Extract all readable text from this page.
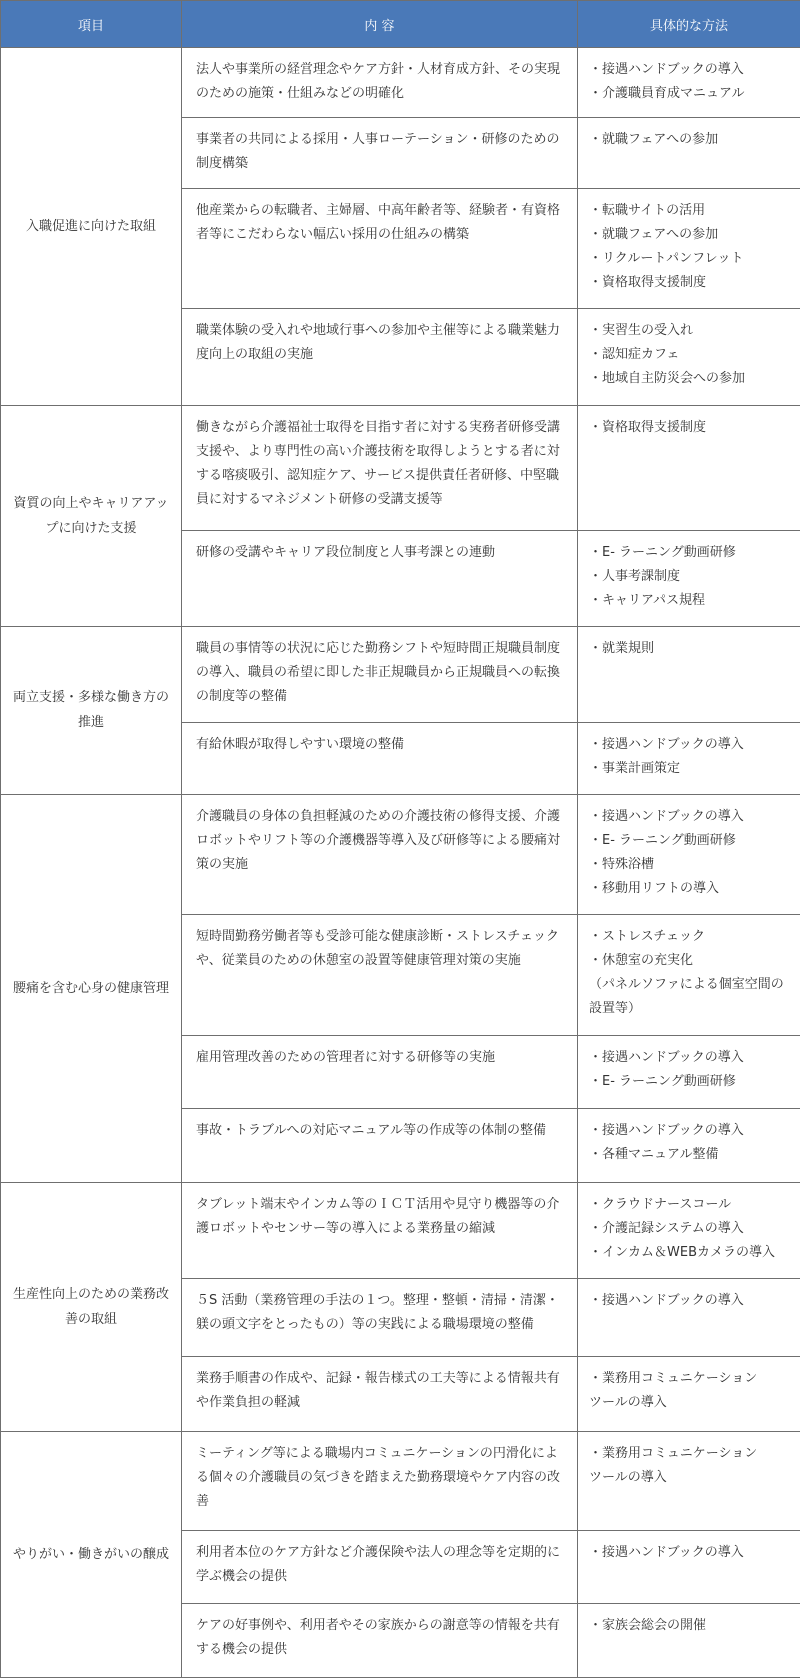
項目	内 容	具体的な方法
入職促進に向けた取組	法人や事業所の経営理念やケア方針・人材育成方針、その実現のための施策・仕組みなどの明確化	・接遇ハンドブックの導入
・介護職員育成マニュアル

	事業者の共同による採用・人事ローテーション・研修のための制度構築	・就職フェアへの参加

	他産業からの転職者、主婦層、中高年齢者等、経験者・有資格者等にこだわらない幅広い採用の仕組みの構築	・転職サイトの活用
・就職フェアへの参加
・リクルートパンフレット
・資格取得支援制度

	職業体験の受入れや地域行事への参加や主催等による職業魅力度向上の取組の実施	・実習生の受入れ
・認知症カフェ
・地域自主防災会への参加

資質の向上やキャリアアップに向けた支援	働きながら介護福祉士取得を目指す者に対する実務者研修受講支援や、より専門性の高い介護技術を取得しようとする者に対する喀痰吸引、認知症ケア、サービス提供責任者研修、中堅職員に対するマネジメント研修の受講支援等	・資格取得支援制度

	研修の受講やキャリア段位制度と人事考課との連動	・E- ラーニング動画研修
・人事考課制度
・キャリアパス規程

両立支援・多様な働き方の推進	職員の事情等の状況に応じた勤務シフトや短時間正規職員制度の導入、職員の希望に即した非正規職員から正規職員への転換の制度等の整備	・就業規則

	有給休暇が取得しやすい環境の整備	・接遇ハンドブックの導入
・事業計画策定

腰痛を含む心身の健康管理	介護職員の身体の負担軽減のための介護技術の修得支援、介護ロボットやリフト等の介護機器等導入及び研修等による腰痛対策の実施	・接遇ハンドブックの導入
・E- ラーニング動画研修
・特殊浴槽
・移動用リフトの導入

	短時間勤務労働者等も受診可能な健康診断・ストレスチェックや、従業員のための休憩室の設置等健康管理対策の実施	・ストレスチェック
・休憩室の充実化
（パネルソファによる個室空間の設置等）

	雇用管理改善のための管理者に対する研修等の実施	・接遇ハンドブックの導入
・E- ラーニング動画研修

	事故・トラブルへの対応マニュアル等の作成等の体制の整備	・接遇ハンドブックの導入
・各種マニュアル整備

生産性向上のための業務改善の取組	タブレット端末やインカム等のＩＣＴ活用や見守り機器等の介護ロボットやセンサー等の導入による業務量の縮減	・クラウドナースコール
・介護記録システムの導入
・インカム＆WEBカメラの導入

	５S 活動（業務管理の手法の１つ。整理・整頓・清掃・清潔・躾の頭文字をとったもの）等の実践による職場環境の整備	・接遇ハンドブックの導入

	業務手順書の作成や、記録・報告様式の工夫等による情報共有や作業負担の軽減	・業務用コミュニケーション
ツールの導入

やりがい・働きがいの醸成	ミーティング等による職場内コミュニケーションの円滑化による個々の介護職員の気づきを踏まえた勤務環境やケア内容の改善	・業務用コミュニケーション
ツールの導入

	利用者本位のケア方針など介護保険や法人の理念等を定期的に学ぶ機会の提供	・接遇ハンドブックの導入

	ケアの好事例や、利用者やその家族からの謝意等の情報を共有する機会の提供	・家族会総会の開催
